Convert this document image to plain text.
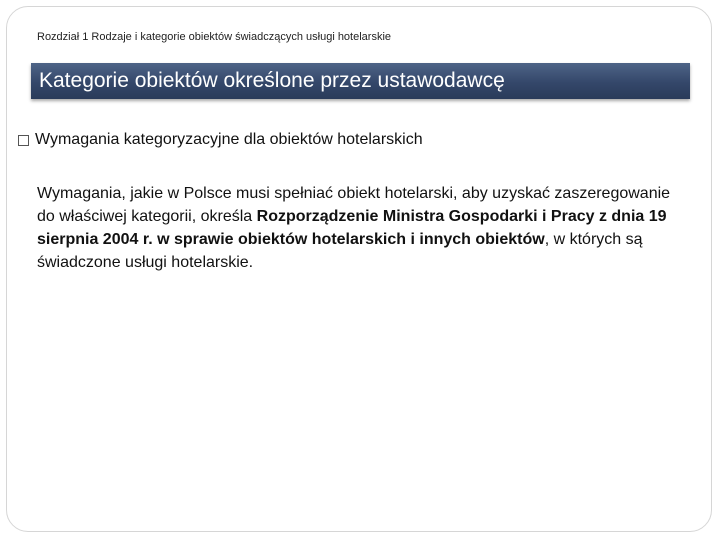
Rozdział 1 Rodzaje i kategorie obiektów świadczących usługi hotelarskie
Kategorie obiektów określone przez ustawodawcę
Wymagania kategoryzacyjne dla obiektów hotelarskich
Wymagania, jakie w Polsce musi spełniać obiekt hotelarski, aby uzyskać zaszeregowanie do właściwej kategorii, określa Rozporządzenie Ministra Gospodarki i Pracy z dnia 19 sierpnia 2004 r. w sprawie obiektów hotelarskich i innych obiektów, w których są świadczone usługi hotelarskie.
